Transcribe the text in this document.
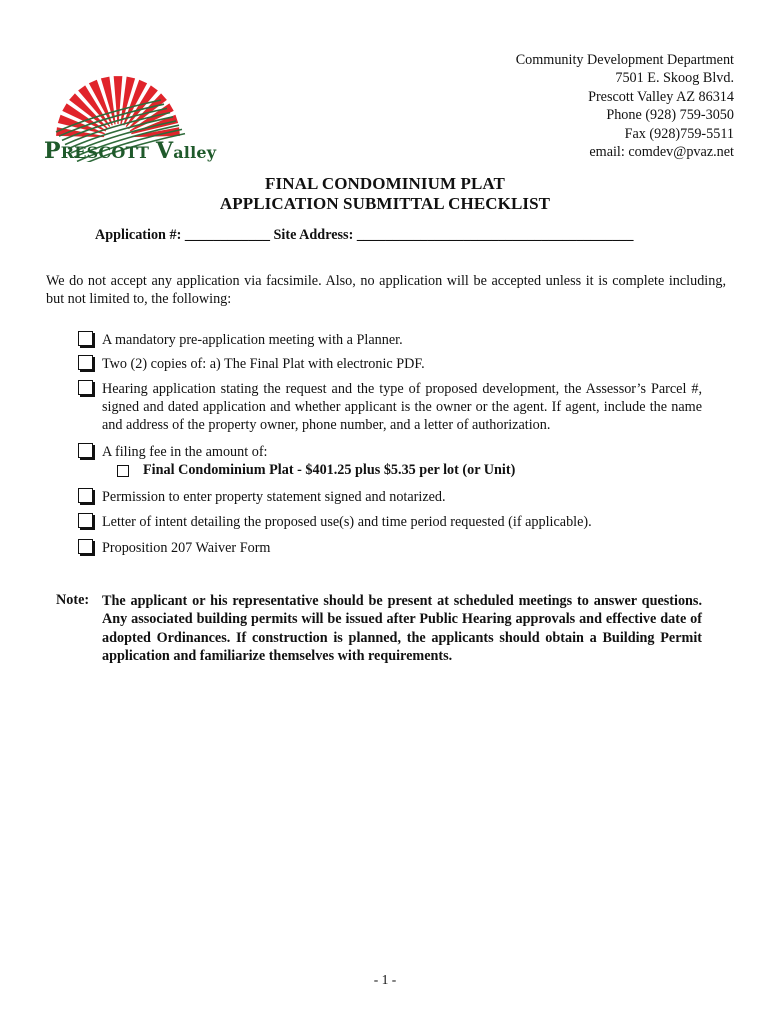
PRESCOTT Valley
Community Development Department
7501 E. Skoog Blvd.
Prescott Valley AZ 86314
Phone (928) 759-3050
Fax (928)759-5511
email: comdev@pvaz.net
FINAL CONDOMINIUM PLAT
APPLICATION SUBMITTAL CHECKLIST
Application #: ____________ Site Address: _______________________________________
We do not accept any application via facsimile. Also, no application will be accepted unless it is complete including, but not limited to, the following:
A mandatory pre-application meeting with a Planner.
Two (2) copies of: a) The Final Plat with electronic PDF.
Hearing application stating the request and the type of proposed development, the Assessor’s Parcel #, signed and dated application and whether applicant is the owner or the agent. If agent, include the name and address of the property owner, phone number, and a letter of authorization.
A filing fee in the amount of:
Final Condominium Plat - $401.25 plus $5.35 per lot (or Unit)
Permission to enter property statement signed and notarized.
Letter of intent detailing the proposed use(s) and time period requested (if applicable).
Proposition 207 Waiver Form
Note: The applicant or his representative should be present at scheduled meetings to answer questions. Any associated building permits will be issued after Public Hearing approvals and effective date of adopted Ordinances. If construction is planned, the applicants should obtain a Building Permit application and familiarize themselves with requirements.
- 1 -
